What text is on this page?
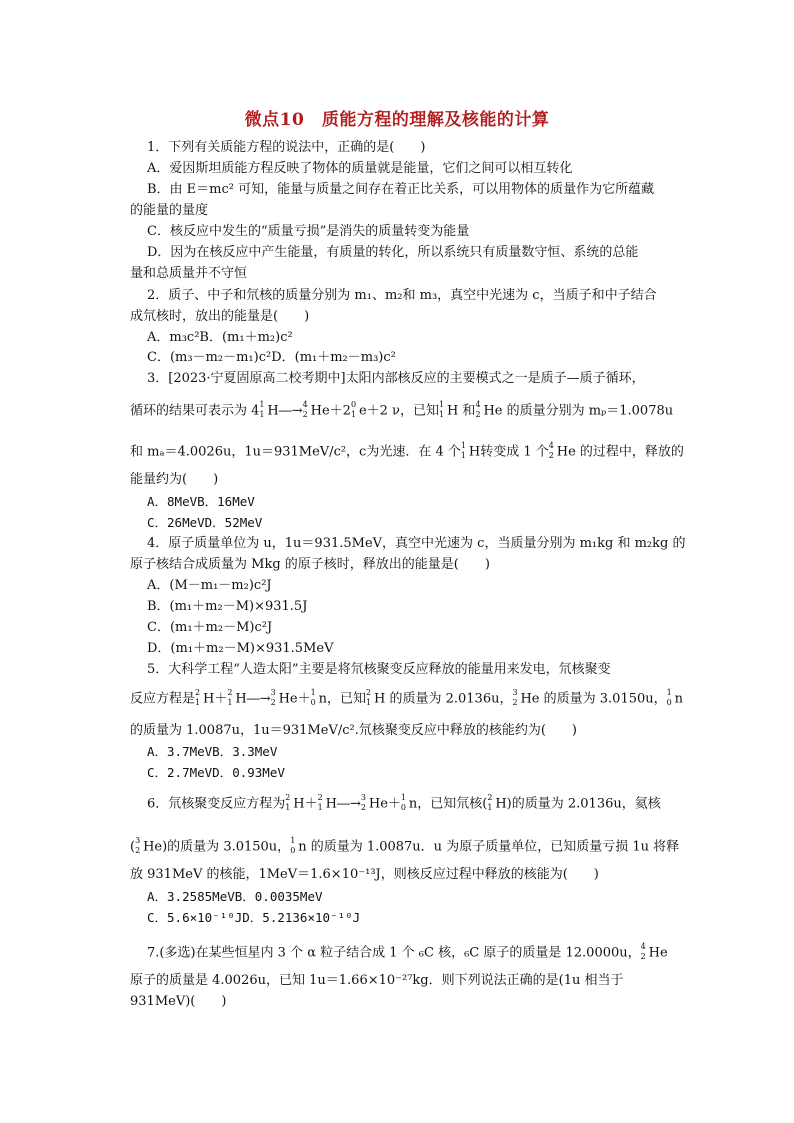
微点10　质能方程的理解及核能的计算
1．下列有关质能方程的说法中，正确的是(　　)
A．爱因斯坦质能方程反映了物体的质量就是能量，它们之间可以相互转化
B．由 E＝mc² 可知，能量与质量之间存在着正比关系，可以用物体的质量作为它所蕴藏
的能量的量度
C．核反应中发生的“质量亏损”是消失的质量转变为能量
D．因为在核反应中产生能量，有质量的转化，所以系统只有质量数守恒、系统的总能
量和总质量并不守恒
2．质子、中子和氘核的质量分别为 m₁、m₂和 m₃，真空中光速为 c，当质子和中子结合
成氘核时，放出的能量是(　　)
A．m₃c²B．(m₁＋m₂)c²
C．(m₃－m₂－m₁)c²D．(m₁＋m₂－m₃)c²
3．[2023·宁夏固原高二校考期中]太阳内部核反应的主要模式之一是质子—质子循环，
循环的结果可表示为 4 1
1 H―→ 4
2 He＋2 0
1 e＋2 ν，已知 1
1 H 和 4
2 He 的质量分别为 mₚ＝1.0078u
和 mₐ＝4.0026u，1u＝931MeV/c²，c为光速．在 4 个 1
1 H转变成 1 个 4
2 He 的过程中，释放的
能量约为(　　)
A．8MeVB．16MeV
C．26MeVD．52MeV
4．原子质量单位为 u，1u＝931.5MeV，真空中光速为 c，当质量分别为 m₁kg 和 m₂kg 的
原子核结合成质量为 Mkg 的原子核时，释放出的能量是(　　)
A．(M－m₁－m₂)c²J
B．(m₁＋m₂－M)×931.5J
C．(m₁＋m₂－M)c²J
D．(m₁＋m₂－M)×931.5MeV
5．大科学工程“人造太阳”主要是将氘核聚变反应释放的能量用来发电，氘核聚变
反应方程是 2
1 H＋ 2
1 H―→ 3
2 He＋ 1
0 n，已知 2
1 H 的质量为 2.0136u， 3
2 He 的质量为 3.0150u， 1
0 n
的质量为 1.0087u，1u＝931MeV/c².氘核聚变反应中释放的核能约为(　　)
A．3.7MeVB．3.3MeV
C．2.7MeVD．0.93MeV
6．氘核聚变反应方程为 2
1 H＋ 2
1 H―→ 3
2 He＋ 1
0 n，已知氘核( 2
1 H)的质量为 2.0136u，氦核
( 3
2 He)的质量为 3.0150u， 1
0 n 的质量为 1.0087u．u 为原子质量单位，已知质量亏损 1u 将释
放 931MeV 的核能，1MeV＝1.6×10⁻¹³J，则核反应过程中释放的核能为(　　)
A．3.2585MeVB．0.0035MeV
C．5.6×10⁻¹⁰JD．5.2136×10⁻¹⁰J
7.(多选)在某些恒星内 3 个 α 粒子结合成 1 个 ₆C 核，₆C 原子的质量是 12.0000u， 4
2 He
原子的质量是 4.0026u，已知 1u＝1.66×10⁻²⁷kg．则下列说法正确的是(1u 相当于
931MeV)(　　)
